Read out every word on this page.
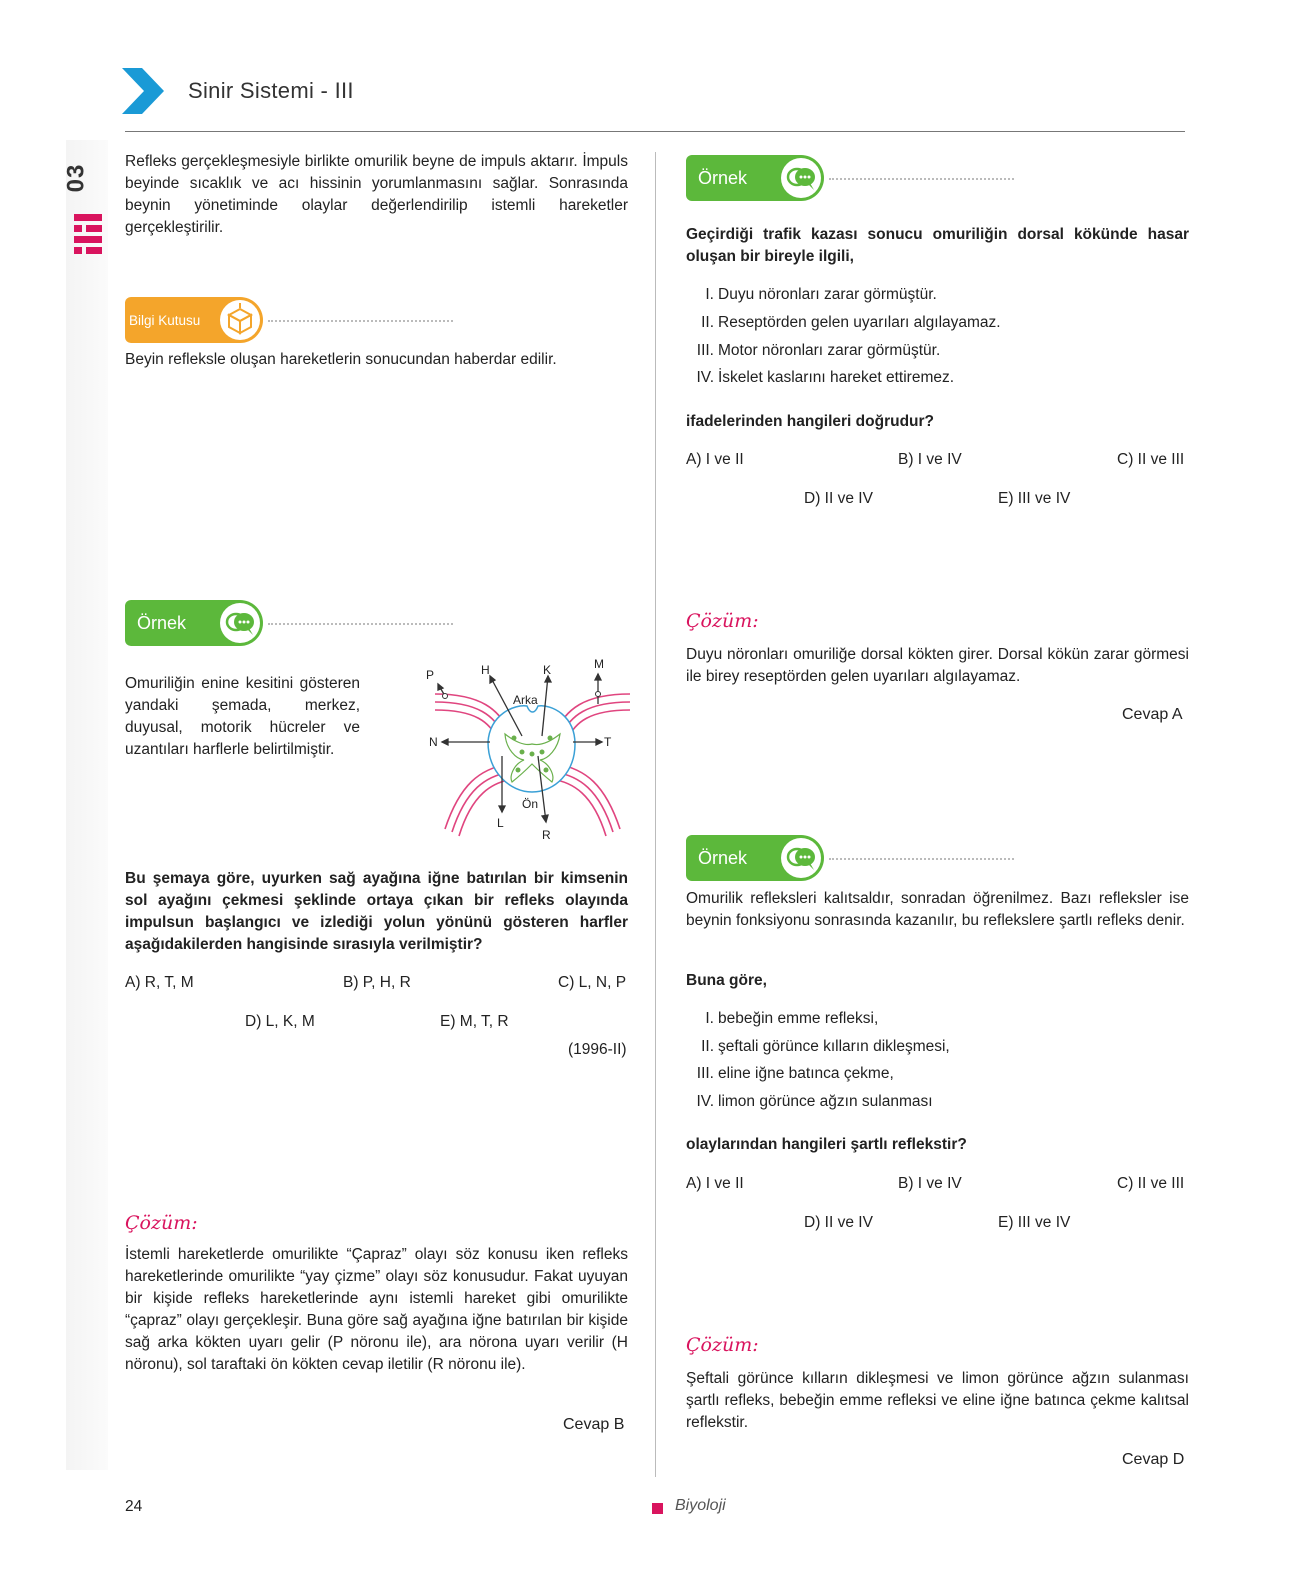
Sinir Sistemi - III
03
Refleks gerçekleşmesiyle birlikte omurilik beyne de impuls aktarır. İmpuls beyinde sıcaklık ve acı hissinin yorumlanmasını sağlar. Sonrasında beynin yönetiminde olaylar değerlendirilip istemli hareketler gerçekleştirilir.
Bilgi Kutusu
Beyin refleksle oluşan hareketlerin sonucundan haberdar edilir.
Örnek
Omuriliğin enine kesitini gösteren yandaki şemada, merkez, duyusal, motorik hücreler ve uzantıları harflerle belirtilmiştir.
P	H	K	M
Arka
N	T
Ön
L
R
Bu şemaya göre, uyurken sağ ayağına iğne batırılan bir kimsenin sol ayağını çekmesi şeklinde ortaya çıkan bir refleks olayında impulsun başlangıcı ve izlediği yolun yönünü gösteren harfler aşağıdakilerden hangisinde sırasıyla verilmiştir?
A) R, T, M	B) P, H, R	C) L, N, P
D) L, K, M	E) M, T, R
(1996-II)
Çözüm:
İstemli hareketlerde omurilikte “Çapraz” olayı söz konusu iken refleks hareketlerinde omurilikte “yay çizme” olayı söz konusudur. Fakat uyuyan bir kişide refleks hareketlerinde aynı istemli hareket gibi omurilikte “çapraz” olayı gerçekleşir. Buna göre sağ ayağına iğne batırılan bir kişide sağ arka kökten uyarı gelir (P nöronu ile), ara nörona uyarı verilir (H nöronu), sol taraftaki ön kökten cevap iletilir (R nöronu ile).
Cevap B
Örnek
Geçirdiği trafik kazası sonucu omuriliğin dorsal kökünde hasar oluşan bir bireyle ilgili,
I. Duyu nöronları zarar görmüştür.
II. Reseptörden gelen uyarıları algılayamaz.
III. Motor nöronları zarar görmüştür.
IV. İskelet kaslarını hareket ettiremez.
ifadelerinden hangileri doğrudur?
A) I ve II	B) I ve IV	C) II ve III
D) II ve IV	E) III ve IV
Çözüm:
Duyu nöronları omuriliğe dorsal kökten girer. Dorsal kökün zarar görmesi ile birey reseptörden gelen uyarıları algılayamaz.
Cevap A
Örnek
Omurilik refleksleri kalıtsaldır, sonradan öğrenilmez. Bazı refleksler ise beynin fonksiyonu sonrasında kazanılır, bu reflekslere şartlı refleks denir.
Buna göre,
I. bebeğin emme refleksi,
II. şeftali görünce kılların dikleşmesi,
III. eline iğne batınca çekme,
IV. limon görünce ağzın sulanması
olaylarından hangileri şartlı reflekstir?
A) I ve II	B) I ve IV	C) II ve III
D) II ve IV	E) III ve IV
Çözüm:
Şeftali görünce kılların dikleşmesi ve limon görünce ağzın sulanması şartlı refleks, bebeğin emme refleksi ve eline iğne batınca çekme kalıtsal reflekstir.
Cevap D
24	Biyoloji
